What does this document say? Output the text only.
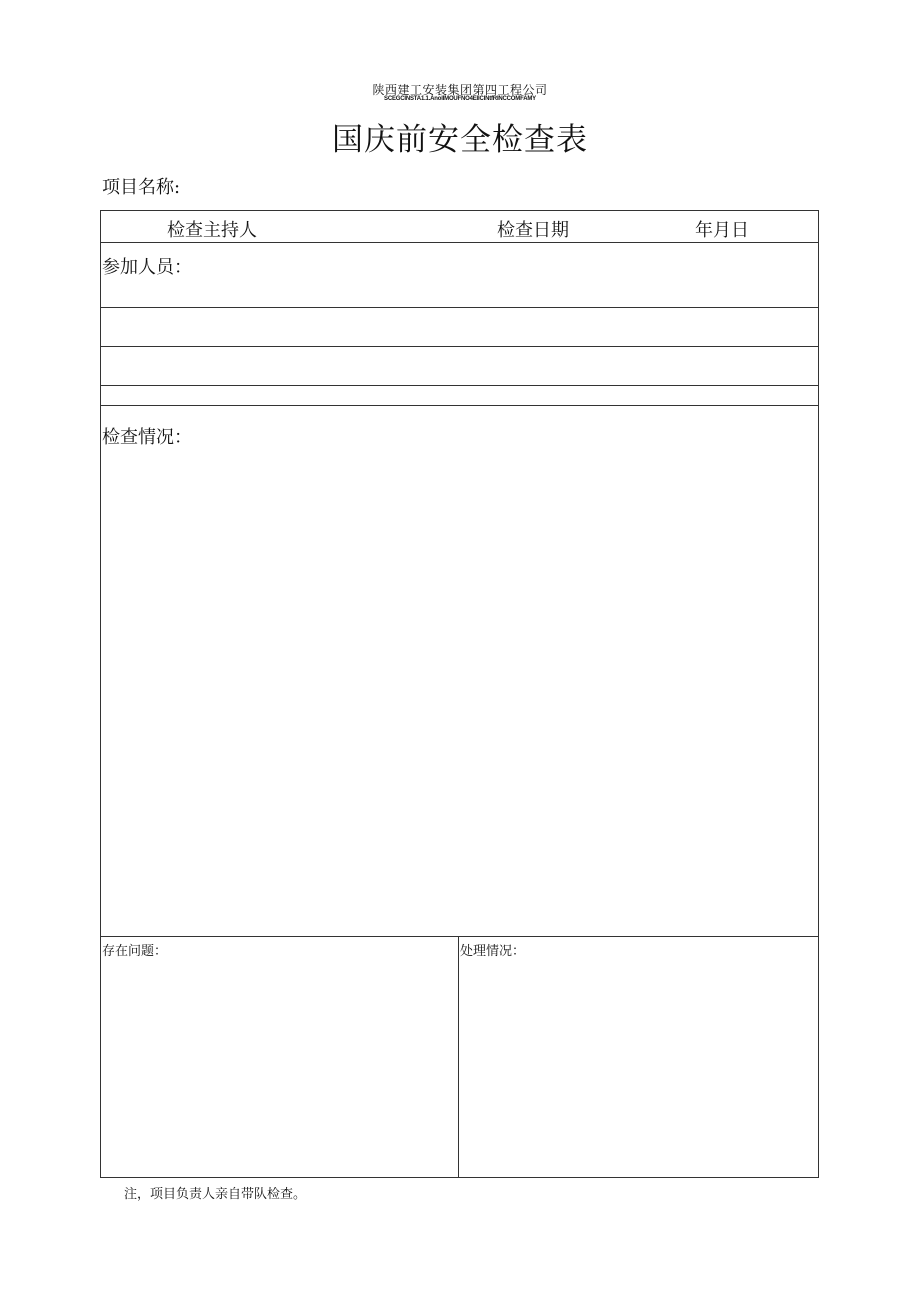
陕西建工安装集团第四工程公司
SCEGCINSTA1.1.AnolIMOUFNO4EIICINtfRINCCOMFAMY
国庆前安全检查表
项目名称:
检查主持人	检查日期	年月日
参加人员：
检查情况：
存在问题：	处理情况：
注，项目负责人亲自带队检查。
